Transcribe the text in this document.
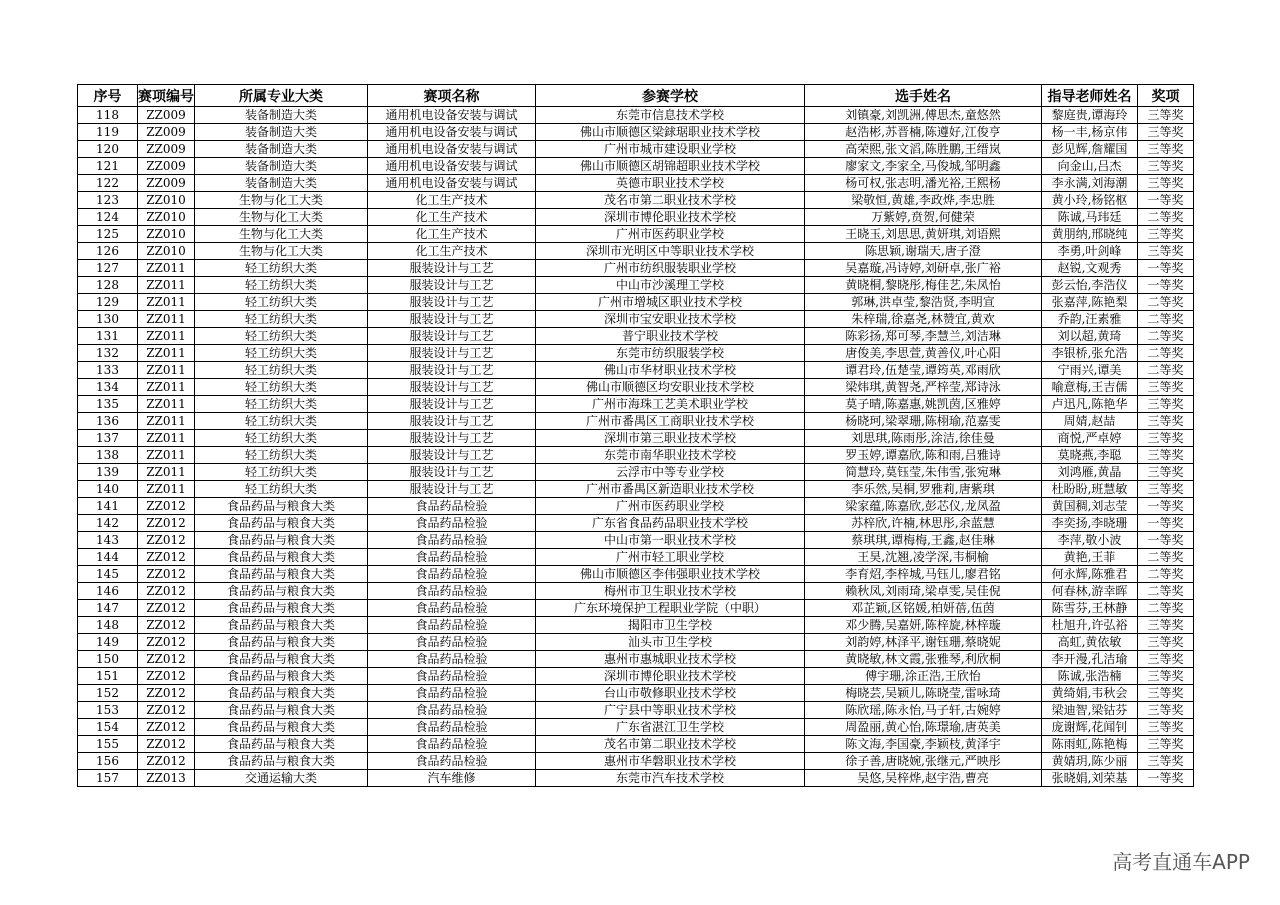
序号	赛项编号	所属专业大类	赛项名称	参赛学校	选手姓名	指导老师姓名	奖项
118	ZZ009	装备制造大类	通用机电设备安装与调试	东莞市信息技术学校	刘镇豪,刘凯洲,傅思杰,童悠然	黎庭贵,谭海玲	三等奖
119	ZZ009	装备制造大类	通用机电设备安装与调试	佛山市顺德区梁銶琚职业技术学校	赵浩彬,苏晋楠,陈遵好,江俊亨	杨一丰,杨京伟	三等奖
120	ZZ009	装备制造大类	通用机电设备安装与调试	广州市城市建设职业学校	高荣熙,张文滔,陈胜鹏,王缙岚	彭见辉,詹耀国	三等奖
121	ZZ009	装备制造大类	通用机电设备安装与调试	佛山市顺德区胡锦超职业技术学校	廖家文,李家全,马俊城,邹明鑫	向金山,吕杰	三等奖
122	ZZ009	装备制造大类	通用机电设备安装与调试	英德市职业技术学校	杨可权,张志明,潘光裕,王熙杨	李永满,刘海潮	三等奖
123	ZZ010	生物与化工大类	化工生产技术	茂名市第二职业技术学校	梁敬恒,黄雄,李政烨,李忠胜	黄小玲,杨铭枢	一等奖
124	ZZ010	生物与化工大类	化工生产技术	深圳市博伦职业技术学校	万紫婷,贲贺,何健荣	陈诚,马玮廷	二等奖
125	ZZ010	生物与化工大类	化工生产技术	广州市医药职业学校	王晓玉,刘思思,黄妍琪,刘语熙	黄朋纳,邢晓纯	三等奖
126	ZZ010	生物与化工大类	化工生产技术	深圳市光明区中等职业技术学校	陈思颖,谢瑞天,唐子澄	李勇,叶剑峰	三等奖
127	ZZ011	轻工纺织大类	服装设计与工艺	广州市纺织服装职业学校	吴嘉璇,冯诗婷,刘研卓,张广裕	赵锐,文观秀	一等奖
128	ZZ011	轻工纺织大类	服装设计与工艺	中山市沙溪理工学校	黄晓桐,黎晓彤,梅佳艺,朱凤怡	彭云怡,李浩仪	一等奖
129	ZZ011	轻工纺织大类	服装设计与工艺	广州市增城区职业技术学校	郭琳,洪卓莹,黎浩贤,李明宣	张嘉萍,陈艳梨	二等奖
130	ZZ011	轻工纺织大类	服装设计与工艺	深圳市宝安职业技术学校	朱梓瑞,徐嘉尧,林赞宜,黄欢	乔韵,汪素雅	二等奖
131	ZZ011	轻工纺织大类	服装设计与工艺	普宁职业技术学校	陈彩扬,郑可琴,李慧兰,刘洁琳	刘以超,黄琦	二等奖
132	ZZ011	轻工纺织大类	服装设计与工艺	东莞市纺织服装学校	唐俊美,李思萱,黄善仪,叶心阳	李银桥,张允浩	二等奖
133	ZZ011	轻工纺织大类	服装设计与工艺	佛山市华材职业技术学校	谭君玲,伍楚莹,谭筠英,邓雨欣	宁雨兴,谭美	二等奖
134	ZZ011	轻工纺织大类	服装设计与工艺	佛山市顺德区均安职业技术学校	梁炜琪,黄智尧,严梓莹,郑诗泳	喻意梅,王吉儒	三等奖
135	ZZ011	轻工纺织大类	服装设计与工艺	广州市海珠工艺美术职业学校	莫子晴,陈嘉惠,姚凯茵,区雅婷	卢迅凡,陈艳华	三等奖
136	ZZ011	轻工纺织大类	服装设计与工艺	广州市番禺区工商职业技术学校	杨晓珂,梁翠珊,陈栩瑜,范嘉雯	周婧,赵喆	三等奖
137	ZZ011	轻工纺织大类	服装设计与工艺	深圳市第三职业技术学校	刘思琪,陈雨彤,涂洁,徐佳曼	商悦,严卓婷	三等奖
138	ZZ011	轻工纺织大类	服装设计与工艺	东莞市南华职业技术学校	罗玉婷,谭嘉欣,陈和雨,吕雅诗	莫晓燕,李聪	三等奖
139	ZZ011	轻工纺织大类	服装设计与工艺	云浮市中等专业学校	简慧玲,莫钰莹,朱伟雪,张宛琳	刘鸿雁,黄晶	三等奖
140	ZZ011	轻工纺织大类	服装设计与工艺	广州市番禺区新造职业技术学校	李乐然,吴桐,罗雅莉,唐紫琪	杜盼盼,班慧敏	三等奖
141	ZZ012	食品药品与粮食大类	食品药品检验	广州市医药职业学校	梁家蕴,陈嘉欣,彭芯仪,龙凤盈	黄国稠,刘志莹	一等奖
142	ZZ012	食品药品与粮食大类	食品药品检验	广东省食品药品职业技术学校	苏梓欣,许楠,林思彤,余蓝慧	李奕扬,李晓珊	一等奖
143	ZZ012	食品药品与粮食大类	食品药品检验	中山市第一职业技术学校	蔡琪琪,谭梅梅,王鑫,赵佳琳	李萍,敬小波	一等奖
144	ZZ012	食品药品与粮食大类	食品药品检验	广州市轻工职业学校	王昊,沈翘,凌学深,韦桐榆	黄艳,王菲	二等奖
145	ZZ012	食品药品与粮食大类	食品药品检验	佛山市顺德区李伟强职业技术学校	李育炤,李梓城,马钰儿,廖君铭	何永辉,陈雅君	二等奖
146	ZZ012	食品药品与粮食大类	食品药品检验	梅州市卫生职业技术学校	赖秋凤,刘雨琦,梁卓雯,吴佳倪	何春林,游幸晖	二等奖
147	ZZ012	食品药品与粮食大类	食品药品检验	广东环境保护工程职业学院（中职）	邓芷颖,区铭媛,柏妍蓓,伍茵	陈雪芬,王林静	二等奖
148	ZZ012	食品药品与粮食大类	食品药品检验	揭阳市卫生学校	邓少腾,吴嘉妍,陈梓旋,林梓璇	杜旭升,许弘裕	三等奖
149	ZZ012	食品药品与粮食大类	食品药品检验	汕头市卫生学校	刘韵婷,林泽平,谢钰珊,蔡晓妮	高虹,黄依敏	三等奖
150	ZZ012	食品药品与粮食大类	食品药品检验	惠州市惠城职业技术学校	黄晓敏,林文霞,张雅琴,利欣桐	李开漫,孔洁瑜	三等奖
151	ZZ012	食品药品与粮食大类	食品药品检验	深圳市博伦职业技术学校	傅宇珊,涂正浩,王欣怡	陈诚,张浩楠	三等奖
152	ZZ012	食品药品与粮食大类	食品药品检验	台山市敬修职业技术学校	梅晓芸,吴颖儿,陈晓莹,雷咏琦	黄绮娟,韦秋会	三等奖
153	ZZ012	食品药品与粮食大类	食品药品检验	广宁县中等职业技术学校	陈欣瑶,陈永怡,马子轩,古婉婷	梁迪智,梁钴芬	三等奖
154	ZZ012	食品药品与粮食大类	食品药品检验	广东省湛江卫生学校	周盈丽,黄心怡,陈璟瑜,唐英美	庞谢辉,花闻钊	三等奖
155	ZZ012	食品药品与粮食大类	食品药品检验	茂名市第二职业技术学校	陈文海,李国豪,李颖枝,黄泽宇	陈雨虹,陈艳梅	三等奖
156	ZZ012	食品药品与粮食大类	食品药品检验	惠州市华磐职业技术学校	徐子善,唐晓婉,张继元,严映彤	黄婧玥,陈少丽	三等奖
157	ZZ013	交通运输大类	汽车维修	东莞市汽车技术学校	吴悠,吴梓烨,赵宇浩,曹亮	张晓娟,刘荣基	一等奖
高考直通车APP
